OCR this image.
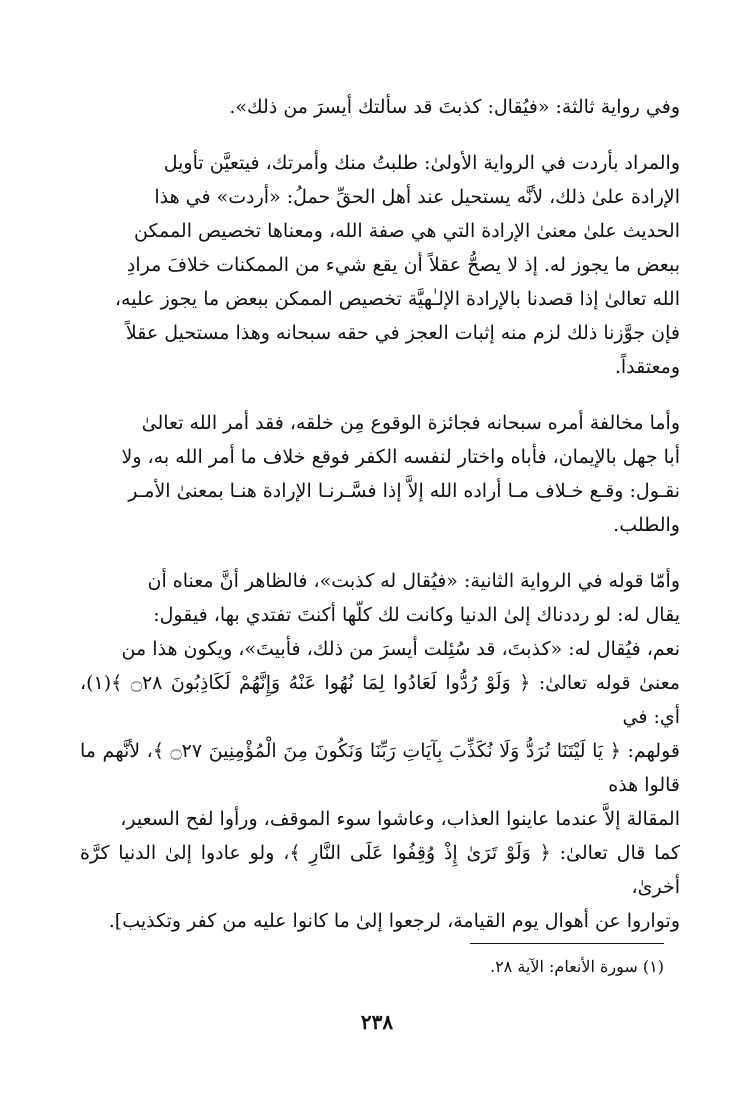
وفي رواية ثالثة: «فيُقال: كذبتَ قد سألتك أيسرَ من ذلك».

والمراد بأردت في الرواية الأولىٰ: طلبتُ منك وأمرتك، فيتعيَّن تأويل
الإرادة علىٰ ذلك، لأنَّه يستحيل عند أهل الحقِّ حملُ: «أردت» في هذا
الحديث علىٰ معنىٰ الإرادة التي هي صفة الله، ومعناها تخصيص الممكن
ببعض ما يجوز له. إذ لا يصحُّ عقلاً أن يقع شيء من الممكنات خلافَ مرادِ
الله تعالىٰ إذا قصدنا بالإرادة الإلـٰهيَّة تخصيص الممكن ببعض ما يجوز عليه،
فإن جوَّزنا ذلك لزم منه إثبات العجز في حقه سبحانه وهذا مستحيل عقلاً
ومعتقداً.

وأما مخالفة أمره سبحانه فجائزة الوقوع مِن خلقه، فقد أمر الله تعالىٰ
أبا جهل بالإيمان، فأباه واختار لنفسه الكفر فوقع خلاف ما أمر الله به، ولا
نقـول: وقـع خـلاف مـا أراده الله إلاَّ إذا فسَّـرنـا الإرادة هنـا بمعنىٰ الأمـر
والطلب.

وأمّا قوله في الرواية الثانية: «فيُقال له كذبت»، فالظاهر أنَّ معناه أن
يقال له: لو رددناك إلىٰ الدنيا وكانت لك كلّها أكنتَ تفتدي بها، فيقول:
نعم، فيُقال له: «كذبتَ، قد سُئِلت أيسرَ من ذلك، فأبيتَ»، ويكون هذا من
معنىٰ قوله تعالىٰ: ﴿ وَلَوْ رُدُّوا لَعَادُوا لِمَا نُهُوا عَنْهُ وَإِنَّهُمْ لَكَاذِبُونَ ۝٢٨ ﴾(١)، أي: في
قولهم: ﴿ يَا لَيْتَنَا نُرَدُّ وَلَا نُكَذِّبَ بِآيَاتِ رَبِّنَا وَنَكُونَ مِنَ الْمُؤْمِنِينَ ۝٢٧ ﴾، لأنَّهم ما قالوا هذه
المقالة إلاَّ عندما عاينوا العذاب، وعاشوا سوء الموقف، ورأوا لفح السعير،
كما قال تعالىٰ: ﴿ وَلَوْ تَرَىٰ إِذْ وُقِفُوا عَلَى النَّارِ ﴾، ولو عادوا إلىٰ الدنيا كرَّة أخرىٰ،
وتواروا عن أهوال يوم القيامة، لرجعوا إلىٰ ما كانوا عليه من كفر وتكذيب].

(١) سورة الأنعام: الآية ٢٨.
٢٣٨
